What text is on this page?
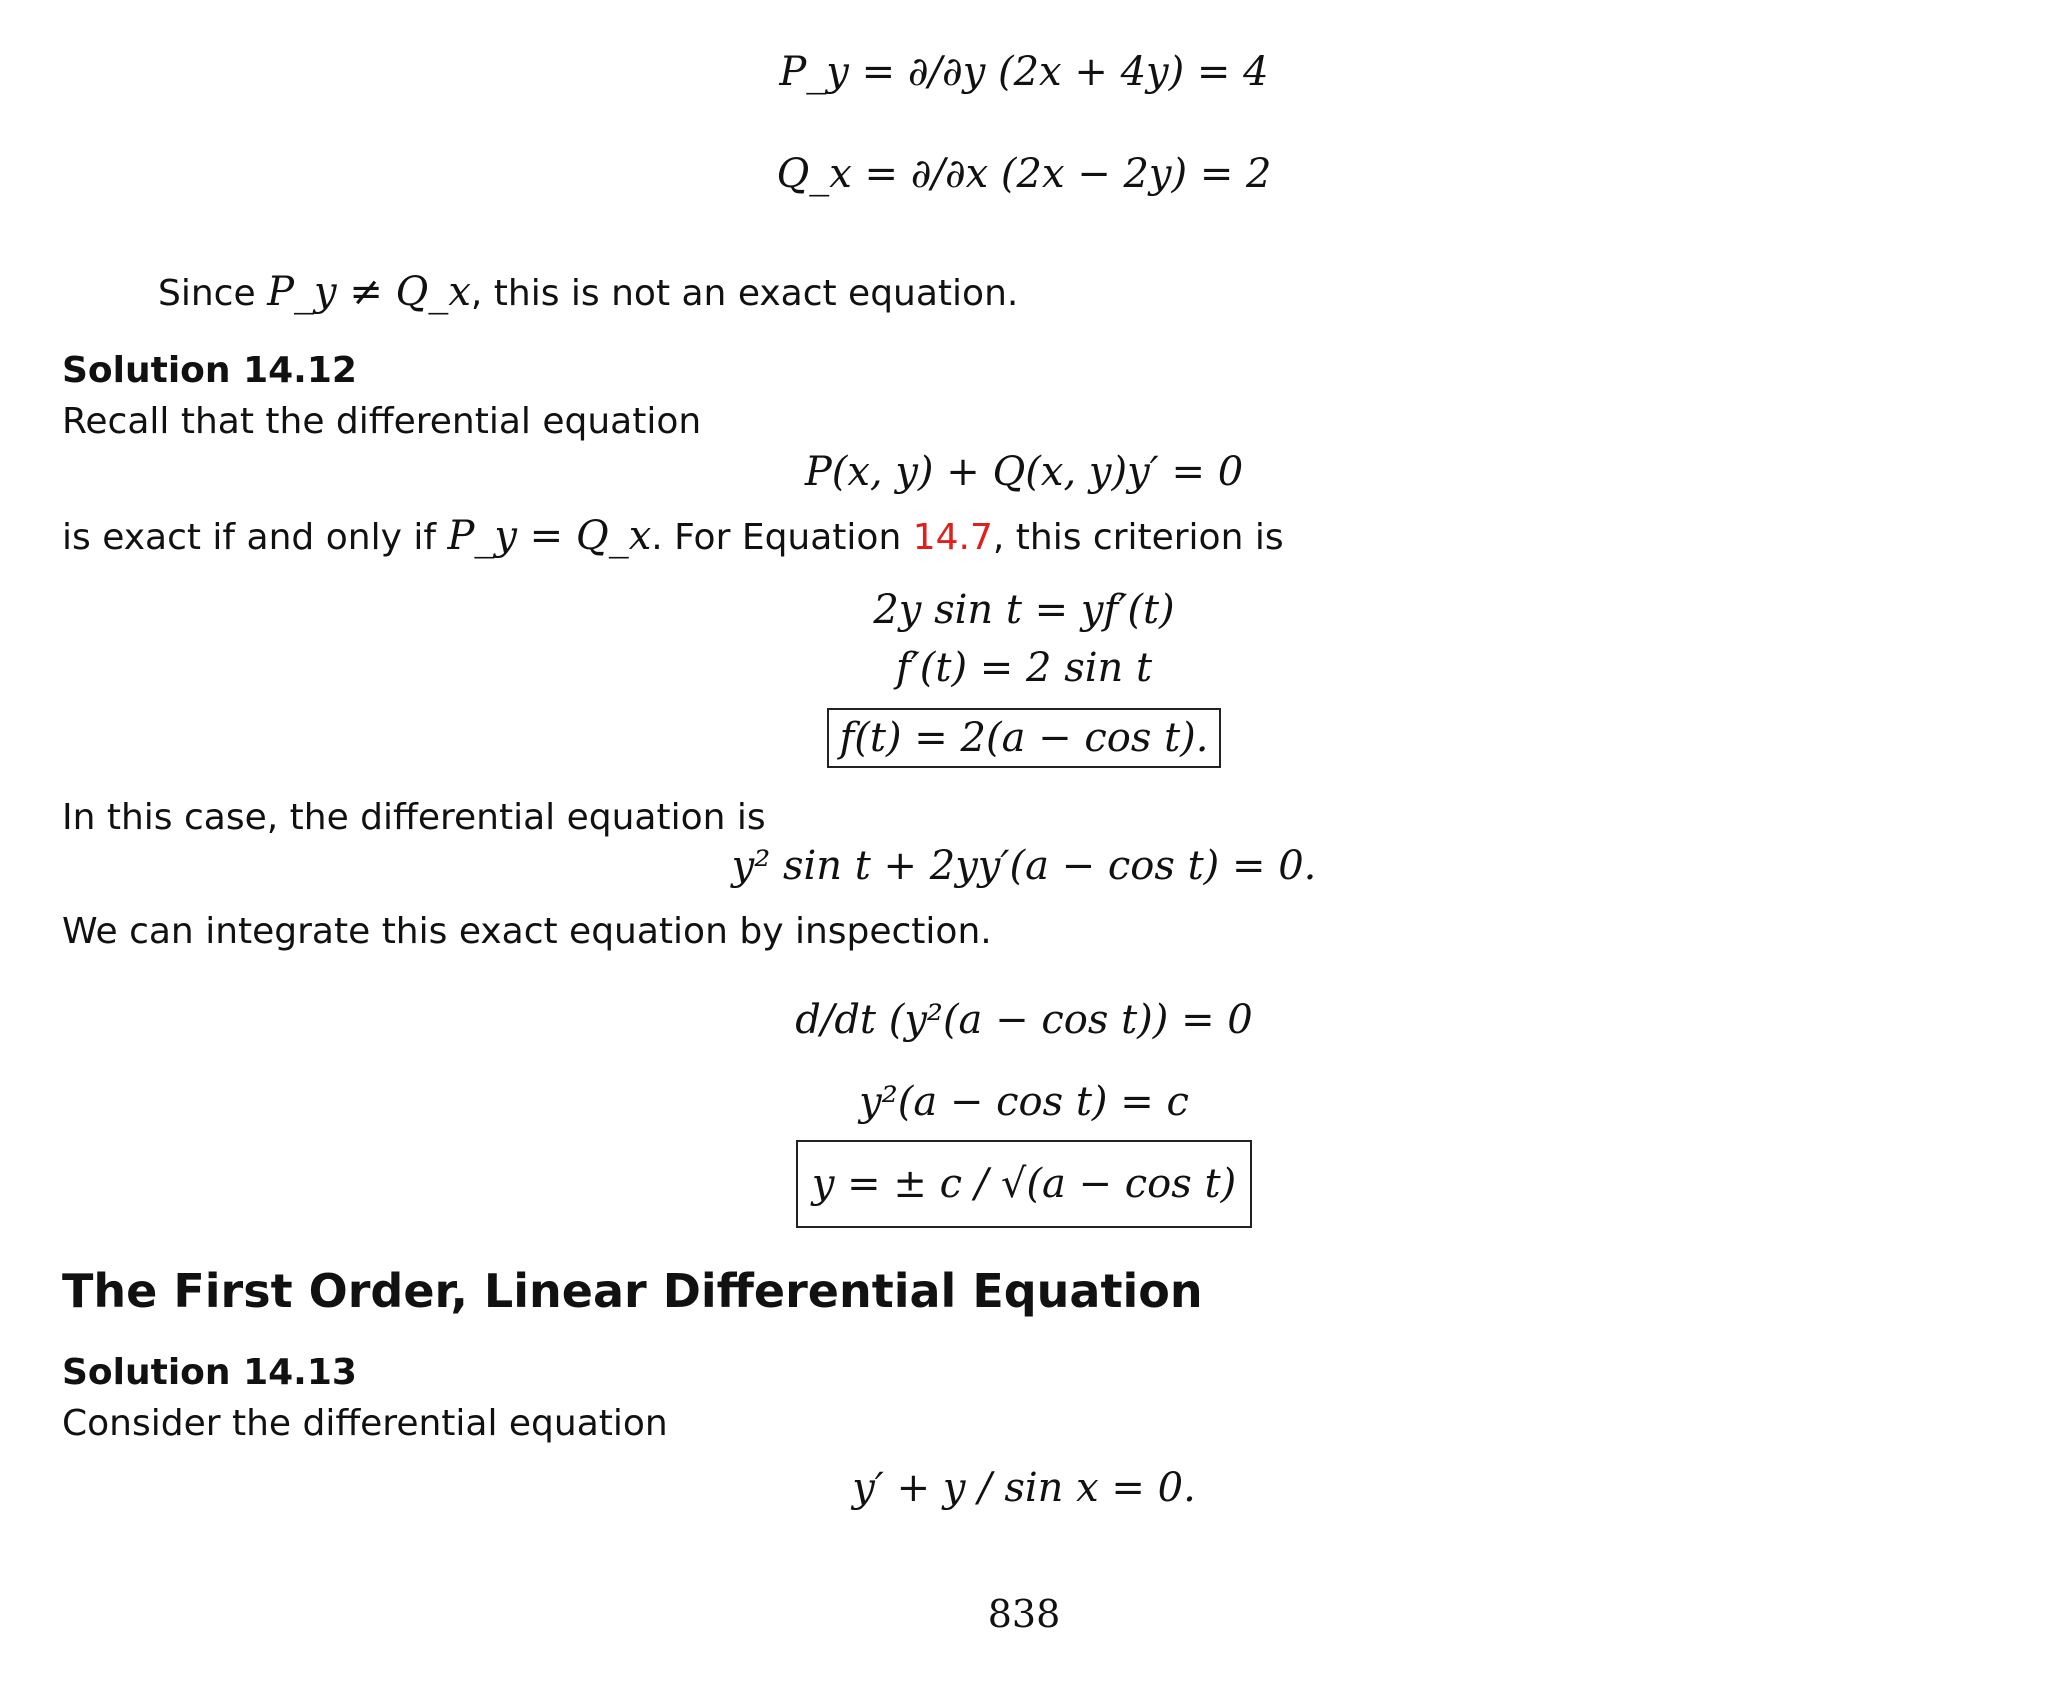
P_y = ∂/∂y (2x + 4y) = 4
Q_x = ∂/∂x (2x − 2y) = 2
Since P_y ≠ Q_x, this is not an exact equation.
Solution 14.12
Recall that the differential equation
P(x, y) + Q(x, y)y′ = 0
is exact if and only if P_y = Q_x. For Equation 14.7, this criterion is
2y sin t = yf′(t)
f′(t) = 2 sin t
f(t) = 2(a − cos t).
In this case, the differential equation is
y² sin t + 2yy′(a − cos t) = 0.
We can integrate this exact equation by inspection.
d/dt (y²(a − cos t)) = 0
y²(a − cos t) = c
y = ± c / √(a − cos t)
The First Order, Linear Differential Equation
Solution 14.13
Consider the differential equation
y′ + y / sin x = 0.
838
